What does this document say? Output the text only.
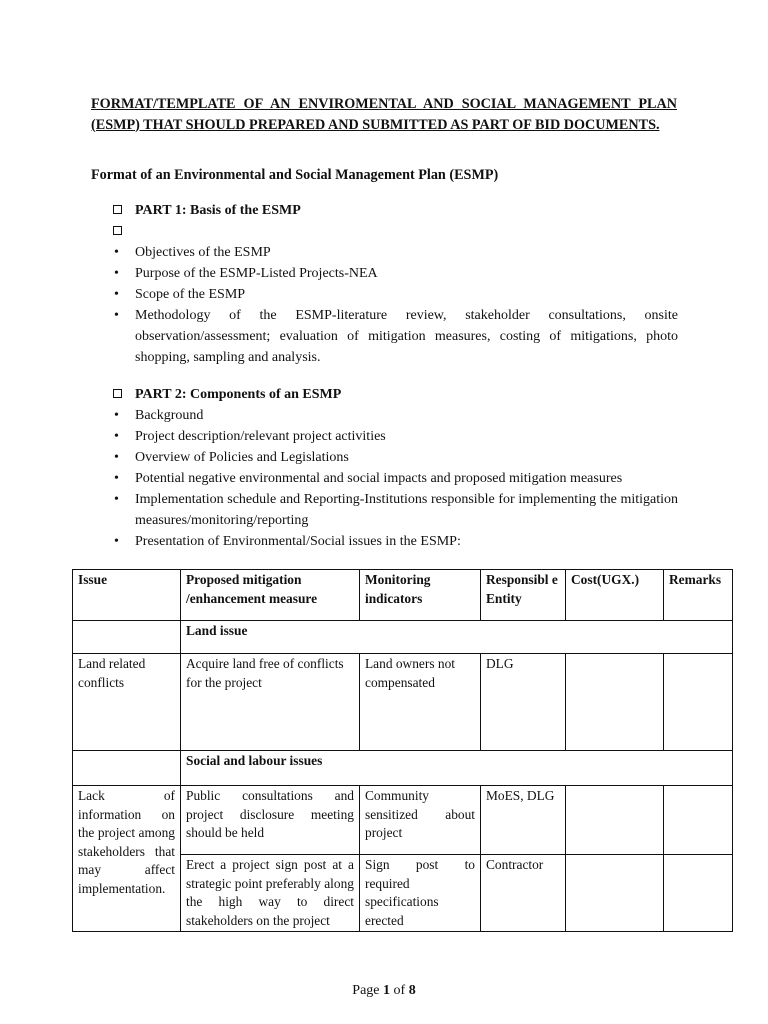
FORMAT/TEMPLATE OF AN ENVIROMENTAL AND SOCIAL MANAGEMENT PLAN (ESMP) THAT SHOULD PREPARED AND SUBMITTED AS PART OF BID DOCUMENTS.
Format of an Environmental and Social Management Plan (ESMP)
PART 1: Basis of the ESMP

• Objectives of the ESMP
• Purpose of the ESMP-Listed Projects-NEA
• Scope of the ESMP
• Methodology of the ESMP-literature review, stakeholder consultations, onsite observation/assessment; evaluation of mitigation measures, costing of mitigations, photo shopping, sampling and analysis.
PART 2: Components of an ESMP
• Background
• Project description/relevant project activities
• Overview of Policies and Legislations
• Potential negative environmental and social impacts and proposed mitigation measures
• Implementation schedule and Reporting-Institutions responsible for implementing the mitigation measures/monitoring/reporting
• Presentation of Environmental/Social issues in the ESMP:
Issue	Proposed mitigation /enhancement measure	Monitoring indicators	Responsibl e Entity	Cost(UGX.)	Remarks
	Land issue				
Land related conflicts	Acquire land free of conflicts for the project	Land owners not compensated	DLG		
	Social and labour issues				
Lack of information on the project among stakeholders that may affect implementation.	Public consultations and project disclosure meeting should be held	Community sensitized about project	MoES, DLG		
	Erect a project sign post at a strategic point preferably along the high way to direct stakeholders on the project	Sign post to required specifications erected	Contractor		
Page 1 of 8
